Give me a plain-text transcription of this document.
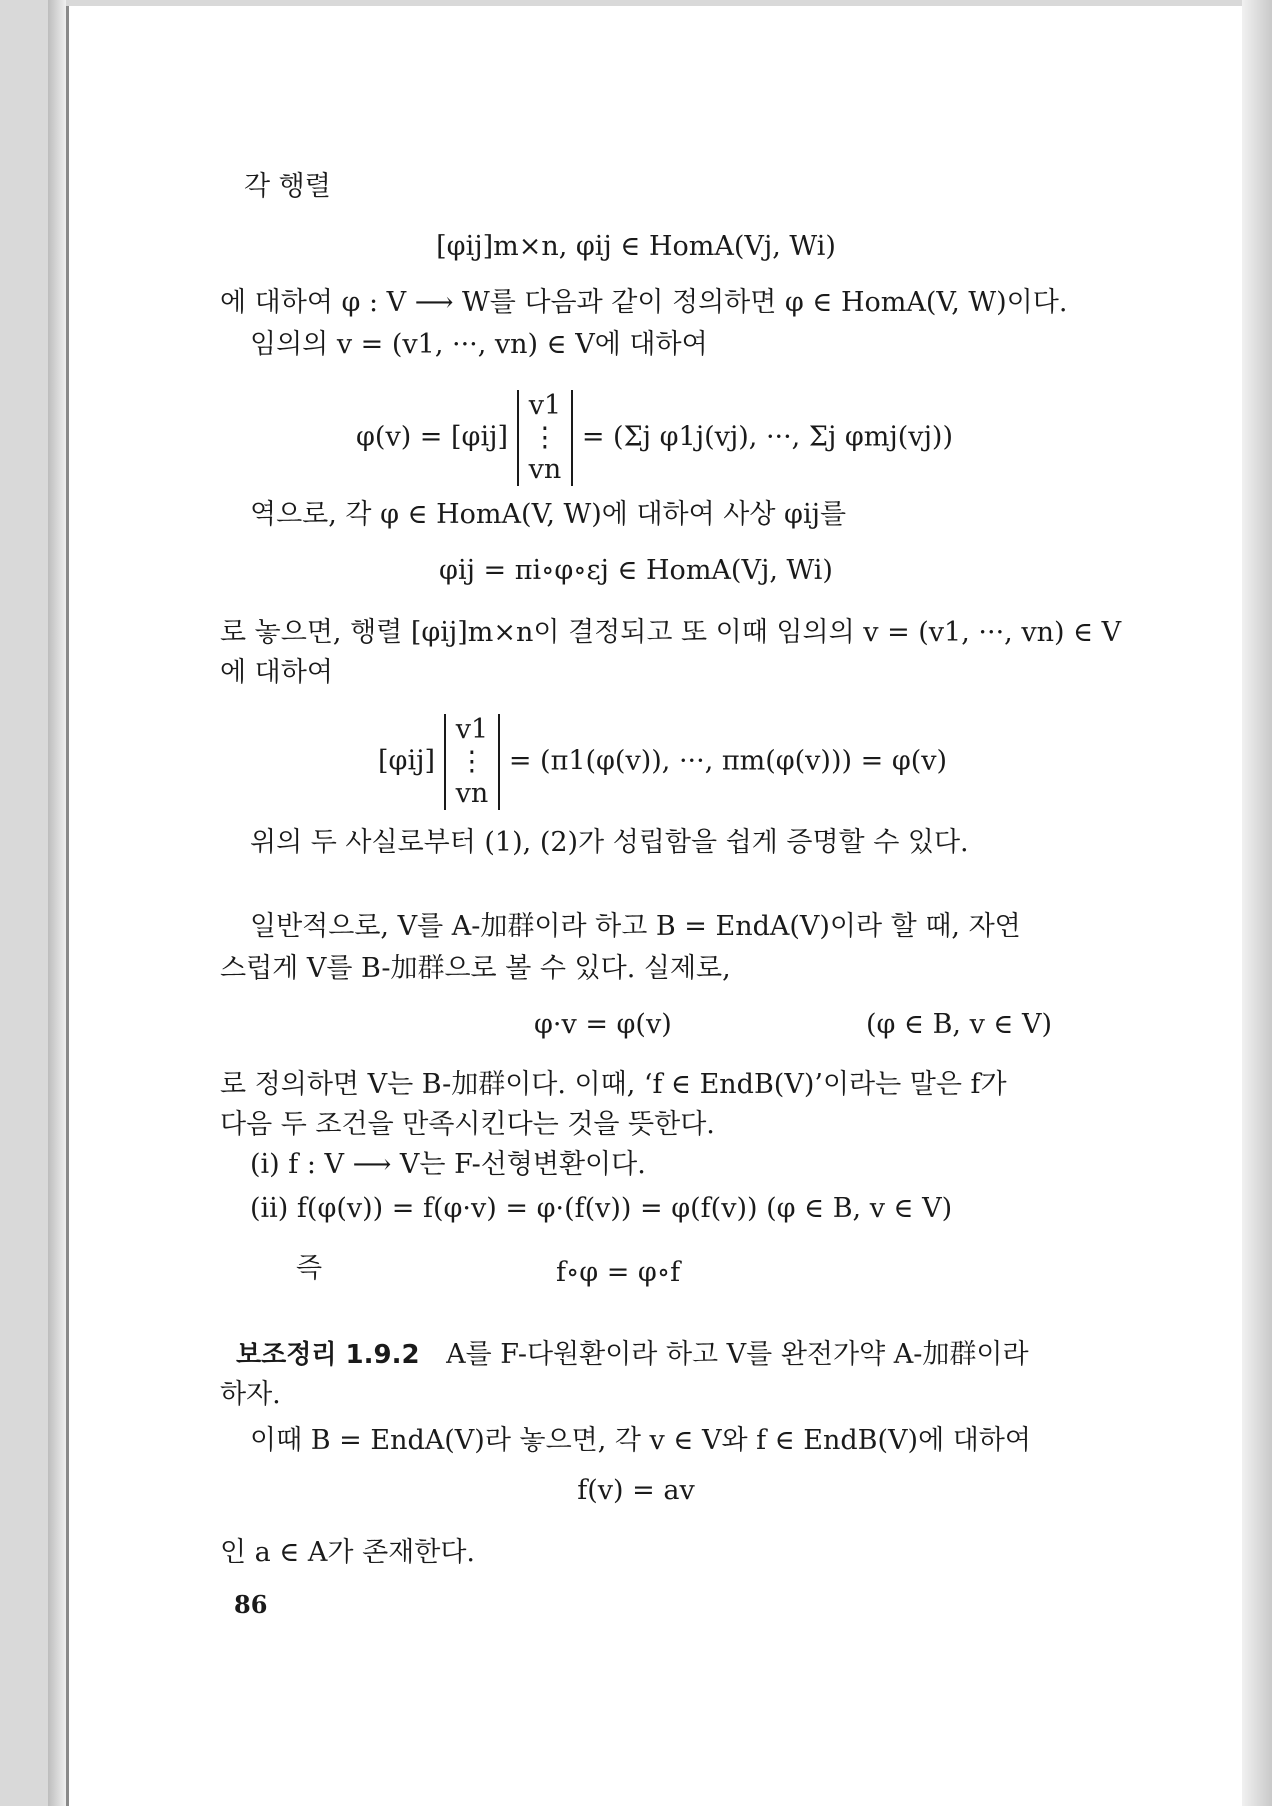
각 행렬
[φij]m×n, φij ∈ HomA(Vj, Wi)
에 대하여 φ : V ⟶ W를 다음과 같이 정의하면 φ ∈ HomA(V, W)이다.
임의의 v = (v1, ···, vn) ∈ V에 대하여
φ(v) = [φij]
v1
⋮
vn
= (Σj φ1j(vj), ···, Σj φmj(vj))
역으로, 각 φ ∈ HomA(V, W)에 대하여 사상 φij를
φij = πi∘φ∘εj ∈ HomA(Vj, Wi)
로 놓으면, 행렬 [φij]m×n이 결정되고 또 이때 임의의 v = (v1, ···, vn) ∈ V
에 대하여
[φij]
v1
⋮
vn
= (π1(φ(v)), ···, πm(φ(v))) = φ(v)
위의 두 사실로부터 (1), (2)가 성립함을 쉽게 증명할 수 있다.
일반적으로, V를 A-加群이라 하고 B = EndA(V)이라 할 때, 자연
스럽게 V를 B-加群으로 볼 수 있다. 실제로,
φ·v = φ(v)	(φ ∈ B, v ∈ V)
로 정의하면 V는 B-加群이다. 이때, ‘f ∈ EndB(V)’이라는 말은 f가
다음 두 조건을 만족시킨다는 것을 뜻한다.
(i) f : V ⟶ V는 F-선형변환이다.
(ii) f(φ(v)) = f(φ·v) = φ·(f(v)) = φ(f(v)) (φ ∈ B, v ∈ V)
즉	f∘φ = φ∘f
보조정리 1.9.2 A를 F-다원환이라 하고 V를 완전가약 A-加群이라
하자.
이때 B = EndA(V)라 놓으면, 각 v ∈ V와 f ∈ EndB(V)에 대하여
f(v) = av
인 a ∈ A가 존재한다.
86
